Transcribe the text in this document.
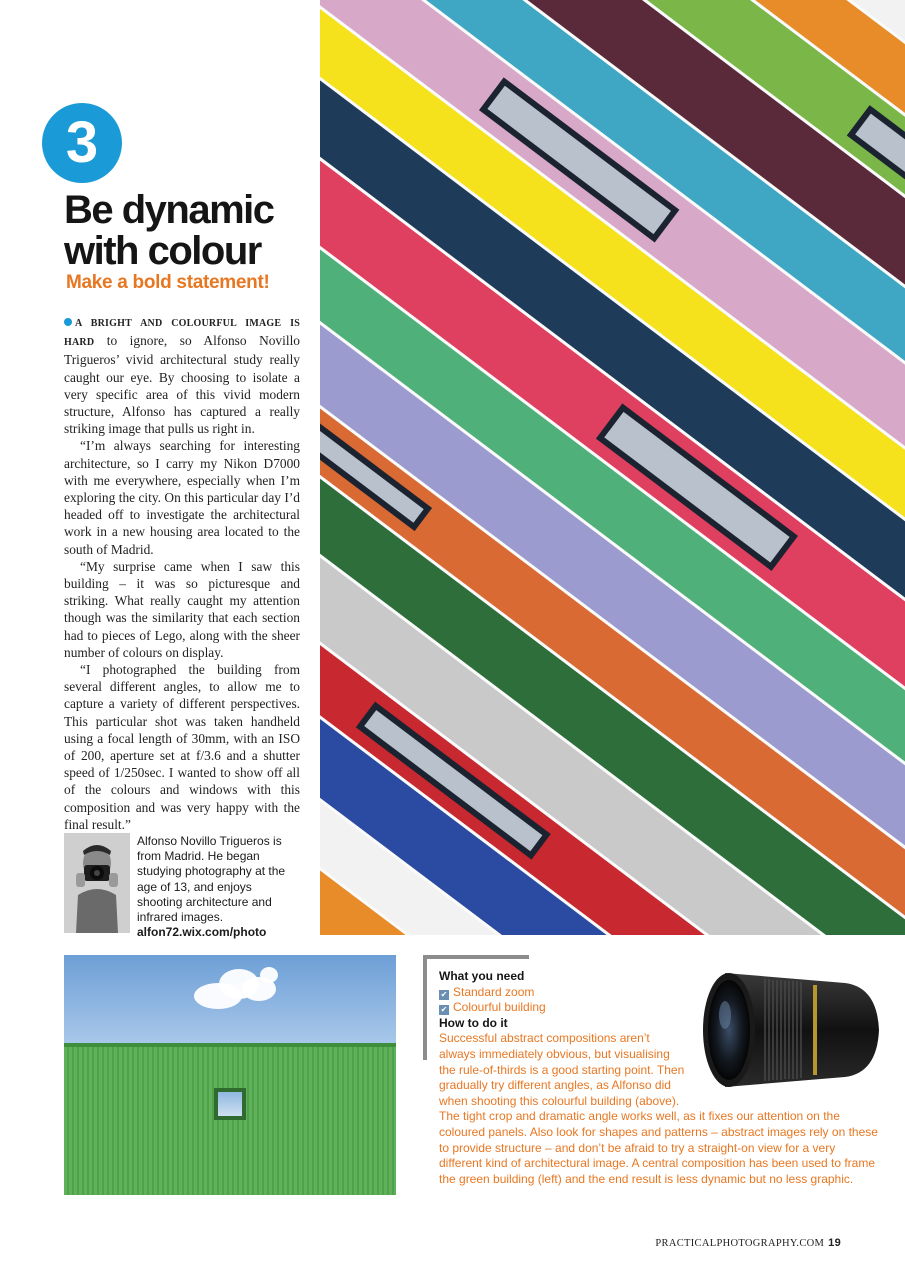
3
Be dynamic with colour
Make a bold statement!

A BRIGHT AND COLOURFUL IMAGE IS HARD to ignore, so Alfonso Novillo Trigueros’ vivid architectural study really caught our eye. By choosing to isolate a very specific area of this vivid modern structure, Alfonso has captured a really striking image that pulls us right in.

“I’m always searching for interesting architecture, so I carry my Nikon D7000 with me everywhere, especially when I’m exploring the city. On this particular day I’d headed off to investigate the architectural work in a new housing area located to the south of Madrid.

“My surprise came when I saw this building – it was so picturesque and striking. What really caught my attention though was the similarity that each section had to pieces of Lego, along with the sheer number of colours on display.

“I photographed the building from several different angles, to allow me to capture a variety of different perspectives. This particular shot was taken handheld using a focal length of 30mm, with an ISO of 200, aperture set at f/3.6 and a shutter speed of 1/250sec. I wanted to show off all of the colours and windows with this composition and was very happy with the final result.”

Alfonso Novillo Trigueros is from Madrid. He began studying photography at the age of 13, and enjoys shooting architecture and infrared images.
alfon72.wix.com/photo
What you need
✔ Standard zoom
✔ Colourful building
How to do it
Successful abstract compositions aren’t always immediately obvious, but visualising the rule-of-thirds is a good starting point. Then gradually try different angles, as Alfonso did when shooting this colourful building (above). The tight crop and dramatic angle works well, as it fixes our attention on the coloured panels. Also look for shapes and patterns – abstract images rely on these to provide structure – and don’t be afraid to try a straight-on view for a very different kind of architectural image. A central composition has been used to frame the green building (left) and the end result is less dynamic but no less graphic.
PRACTICALPHOTOGRAPHY.COM 19
